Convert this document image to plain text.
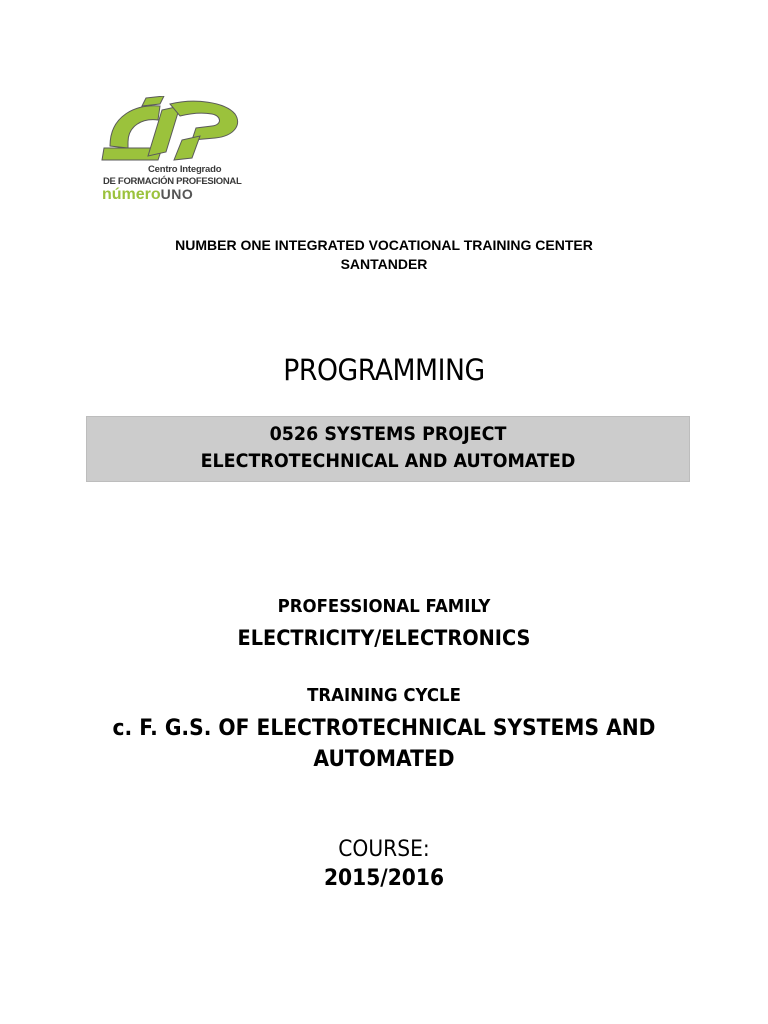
Centro Integrado
DE FORMACIÓN PROFESIONAL
númeroUNO
NUMBER ONE INTEGRATED VOCATIONAL TRAINING CENTER
SANTANDER
PROGRAMMING
0526 SYSTEMS PROJECT
ELECTROTECHNICAL AND AUTOMATED
PROFESSIONAL FAMILY
ELECTRICITY/ELECTRONICS
TRAINING CYCLE
c. F. G.S. OF ELECTROTECHNICAL SYSTEMS AND
AUTOMATED
COURSE:
2015/2016
